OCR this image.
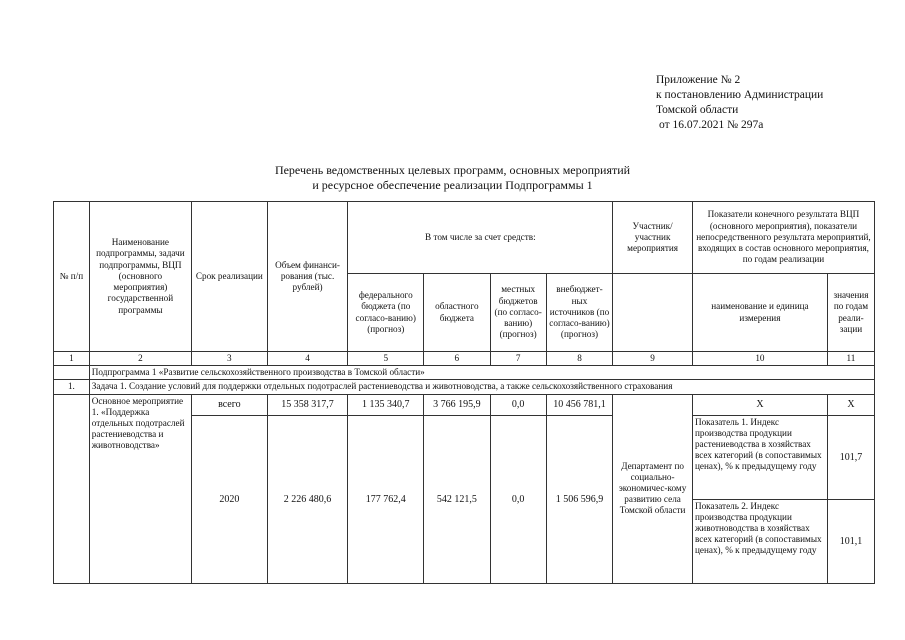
Приложение № 2
к постановлению Администрации
Томской области
от 16.07.2021 № 297а
Перечень ведомственных целевых программ, основных мероприятий
и ресурсное обеспечение реализации Подпрограммы 1
№ п/п	Наименование подпрограммы, задачи подпрограммы, ВЦП (основного мероприятия) государственной программы	Срок реализации	Объем финанси-рования (тыс. рублей)	В том числе за счет средств:				Участник/ участник мероприятия	Показатели конечного результата ВЦП (основного мероприятия), показатели непосредственного результата мероприятий, входящих в состав основного мероприятия, по годам реализации	
				федерального бюджета (по согласо-ванию) (прогноз)	областного бюджета	местных бюджетов (по согласо-ванию) (прогноз)	внебюджет-ных источников (по согласо-ванию) (прогноз)		наименование и единица измерения	значения по годам реали-зации
1	2	3	4	5	6	7	8	9	10	11
	Подпрограмма 1 «Развитие сельскохозяйственного производства в Томской области»									
1.	Задача 1. Создание условий для поддержки отдельных подотраслей растениеводства и животноводства, а также сельскохозяйственного страхования									
	Основное мероприятие 1. «Поддержка отдельных подотраслей растениеводства и животноводства»	всего	15 358 317,7	1 135 340,7	3 766 195,9	0,0	10 456 781,1	Департамент по социально-экономичес-кому развитию села Томской области	Х	Х
		2020	2 226 480,6	177 762,4	542 121,5	0,0	1 506 596,9		Показатель 1. Индекс производства продукции растениеводства в хозяйствах всех категорий (в сопоставимых ценах), % к предыдущему году	101,7
									Показатель 2. Индекс производства продукции животноводства в хозяйствах всех категорий (в сопоставимых ценах), % к предыдущему году	101,1
